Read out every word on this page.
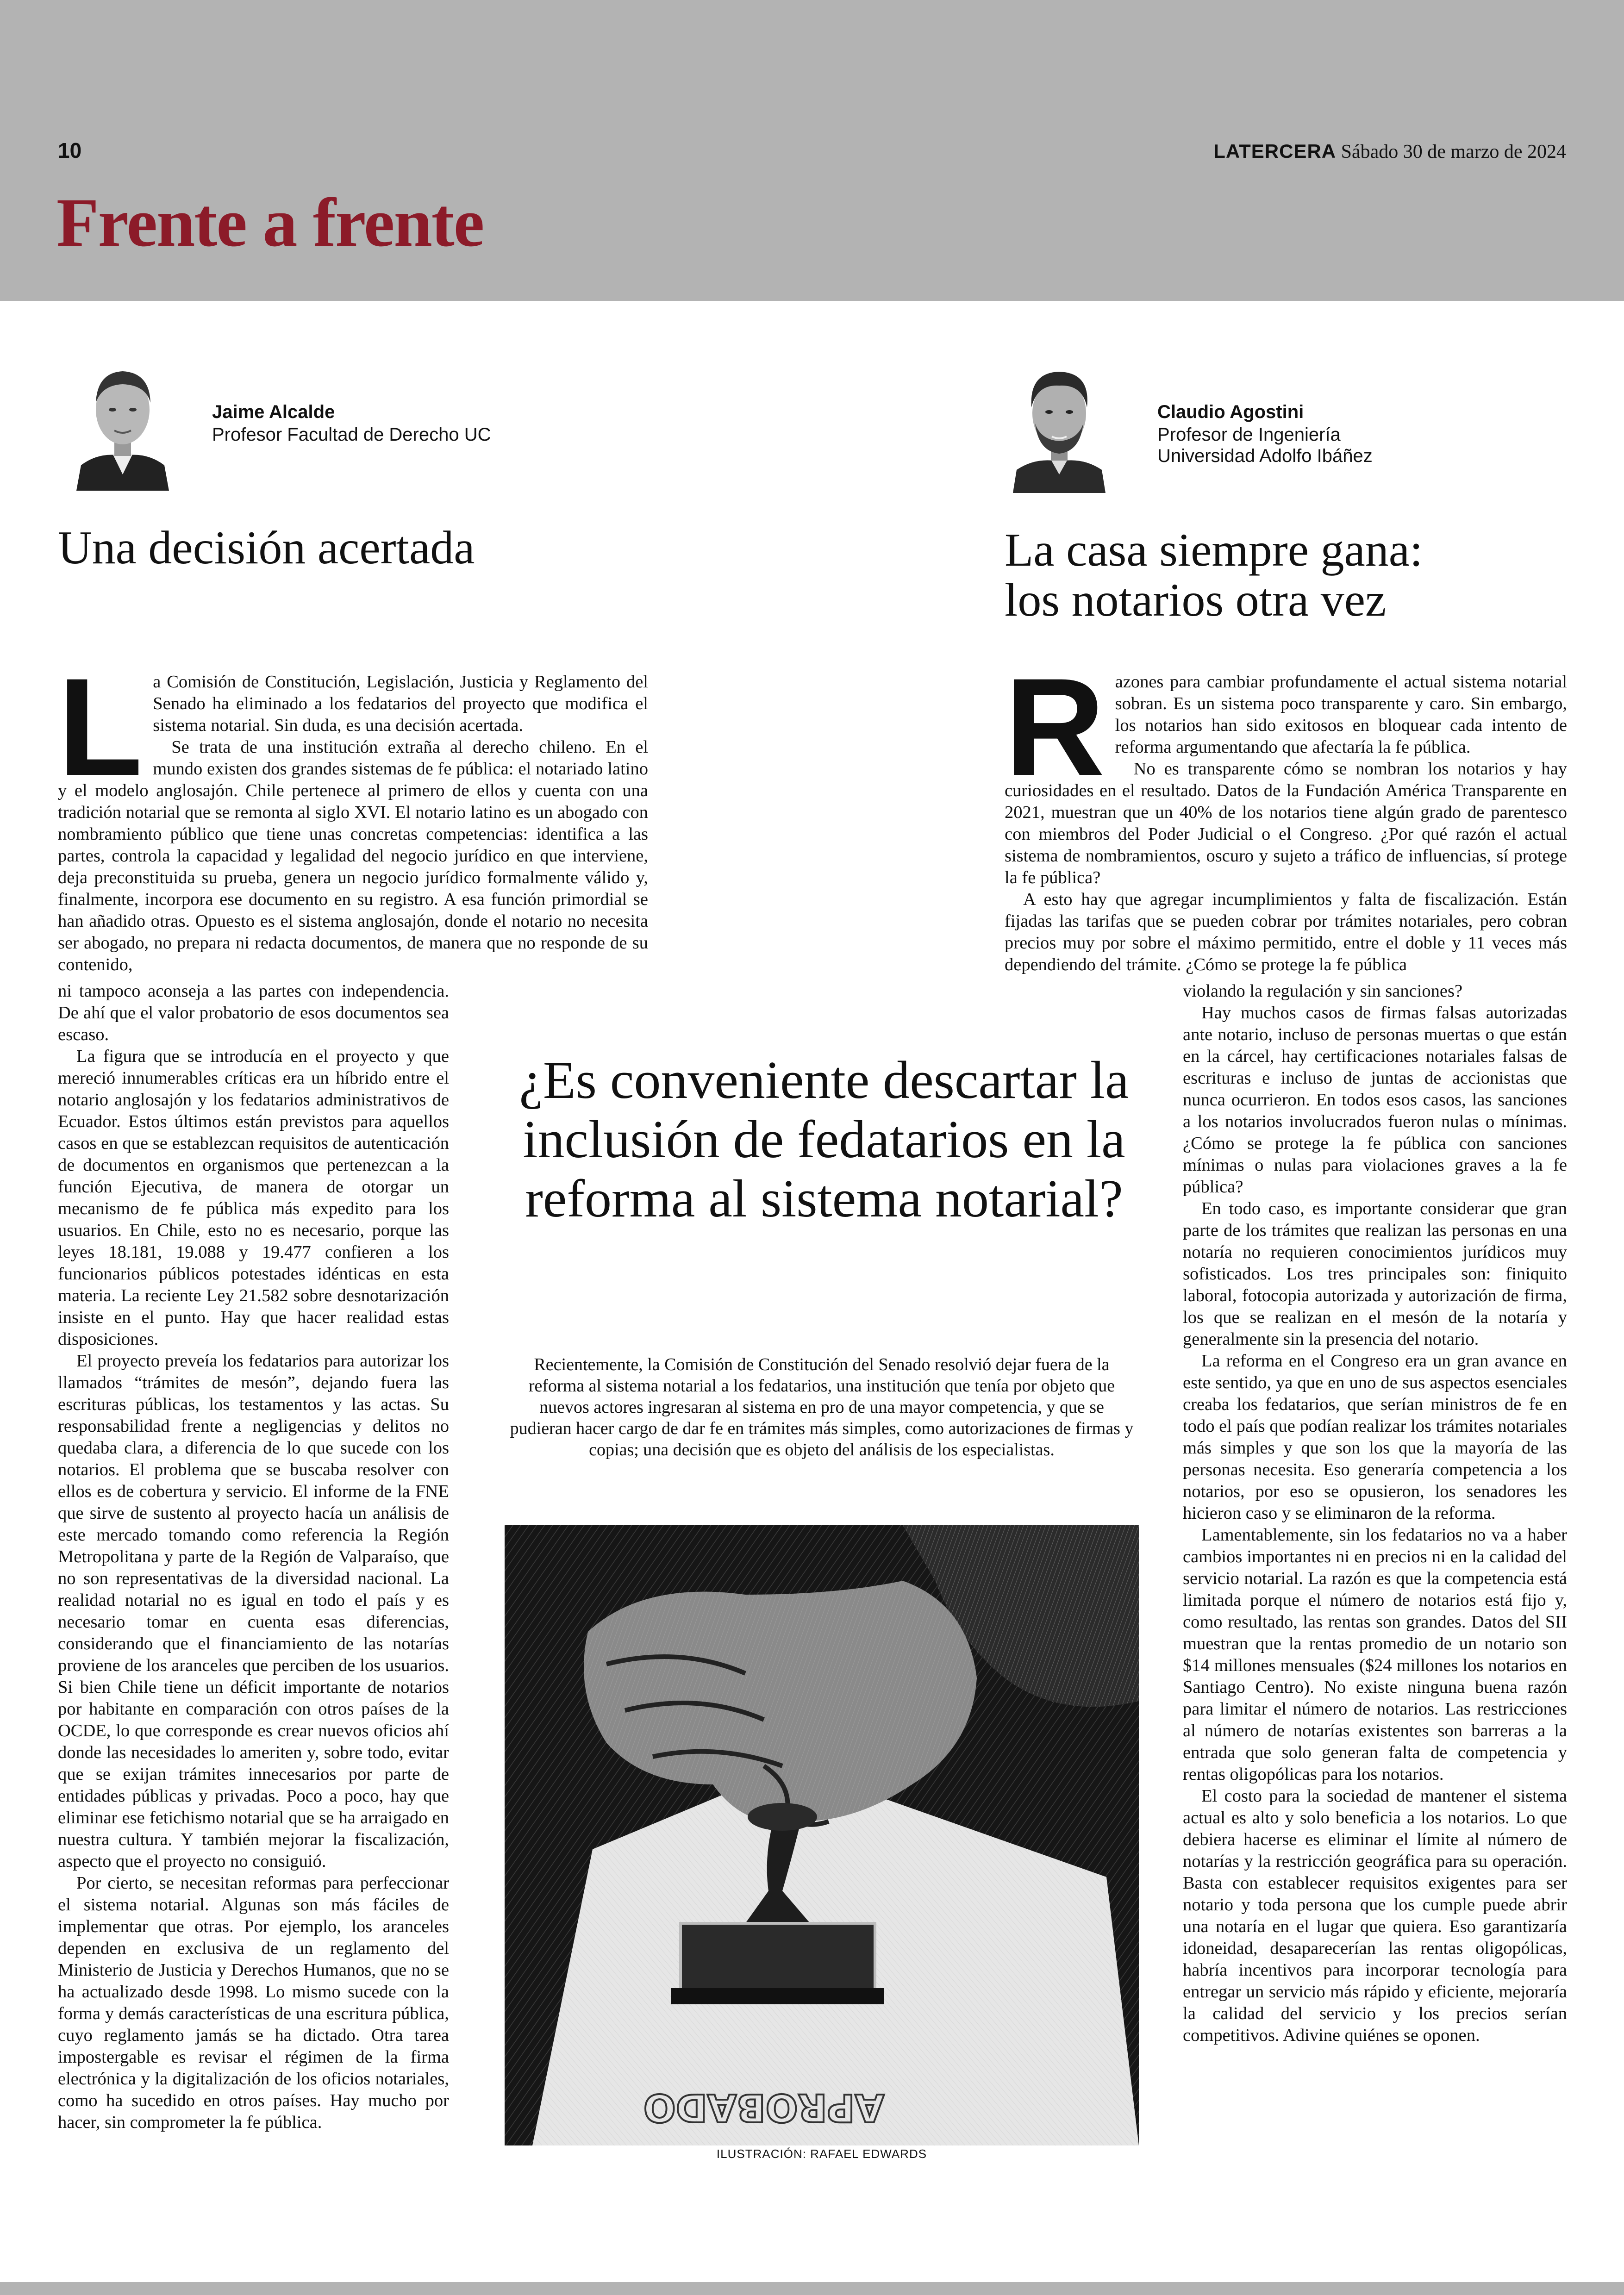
10	LATERCERA Sábado 30 de marzo de 2024
Frente a frente
Jaime Alcalde
Profesor Facultad de Derecho UC
Una decisión acertada
L a Comisión de Constitución, Legislación, Justicia y Reglamento del Senado ha eliminado a los fedatarios del proyecto que modifica el sistema notarial. Sin duda, es una decisión acertada.

Se trata de una institución extraña al derecho chileno. En el mundo existen dos grandes sistemas de fe pública: el notariado latino y el modelo anglosajón. Chile pertenece al primero de ellos y cuenta con una tradición notarial que se remonta al siglo XVI. El notario latino es un abogado con nombramiento público que tiene unas concretas competencias: identifica a las partes, controla la capacidad y legalidad del negocio jurídico en que interviene, deja preconstituida su prueba, genera un negocio jurídico formalmente válido y, finalmente, incorpora ese documento en su registro. A esa función primordial se han añadido otras. Opuesto es el sistema anglosajón, donde el notario no necesita ser abogado, no prepara ni redacta documentos, de manera que no responde de su contenido,

ni tampoco aconseja a las partes con independencia. De ahí que el valor probatorio de esos documentos sea escaso.

La figura que se introducía en el proyecto y que mereció innumerables críticas era un híbrido entre el notario anglosajón y los fedatarios administrativos de Ecuador. Estos últimos están previstos para aquellos casos en que se establezcan requisitos de autenticación de documentos en organismos que pertenezcan a la función Ejecutiva, de manera de otorgar un mecanismo de fe pública más expedito para los usuarios. En Chile, esto no es necesario, porque las leyes 18.181, 19.088 y 19.477 confieren a los funcionarios públicos potestades idénticas en esta materia. La reciente Ley 21.582 sobre desnotarización insiste en el punto. Hay que hacer realidad estas disposiciones.

El proyecto preveía los fedatarios para autorizar los llamados “trámites de mesón”, dejando fuera las escrituras públicas, los testamentos y las actas. Su responsabilidad frente a negligencias y delitos no quedaba clara, a diferencia de lo que sucede con los notarios. El problema que se buscaba resolver con ellos es de cobertura y servicio. El informe de la FNE que sirve de sustento al proyecto hacía un análisis de este mercado tomando como referencia la Región Metropolitana y parte de la Región de Valparaíso, que no son representativas de la diversidad nacional. La realidad notarial no es igual en todo el país y es necesario tomar en cuenta esas diferencias, considerando que el financiamiento de las notarías proviene de los aranceles que perciben de los usuarios. Si bien Chile tiene un déficit importante de notarios por habitante en comparación con otros países de la OCDE, lo que corresponde es crear nuevos oficios ahí donde las necesidades lo ameriten y, sobre todo, evitar que se exijan trámites innecesarios por parte de entidades públicas y privadas. Poco a poco, hay que eliminar ese fetichismo notarial que se ha arraigado en nuestra cultura. Y también mejorar la fiscalización, aspecto que el proyecto no consiguió.

Por cierto, se necesitan reformas para perfeccionar el sistema notarial. Algunas son más fáciles de implementar que otras. Por ejemplo, los aranceles dependen en exclusiva de un reglamento del Ministerio de Justicia y Derechos Humanos, que no se ha actualizado desde 1998. Lo mismo sucede con la forma y demás características de una escritura pública, cuyo reglamento jamás se ha dictado. Otra tarea impostergable es revisar el régimen de la firma electrónica y la digitalización de los oficios notariales, como ha sucedido en otros países. Hay mucho por hacer, sin comprometer la fe pública.

Claudio Agostini
Profesor de Ingeniería
Universidad Adolfo Ibáñez
La casa siempre gana:
los notarios otra vez
R azones para cambiar profundamente el actual sistema notarial sobran. Es un sistema poco transparente y caro. Sin embargo, los notarios han sido exitosos en bloquear cada intento de reforma argumentando que afectaría la fe pública.

No es transparente cómo se nombran los notarios y hay curiosidades en el resultado. Datos de la Fundación América Transparente en 2021, muestran que un 40% de los notarios tiene algún grado de parentesco con miembros del Poder Judicial o el Congreso. ¿Por qué razón el actual sistema de nombramientos, oscuro y sujeto a tráfico de influencias, sí protege la fe pública?

A esto hay que agregar incumplimientos y falta de fiscalización. Están fijadas las tarifas que se pueden cobrar por trámites notariales, pero cobran precios muy por sobre el máximo permitido, entre el doble y 11 veces más dependiendo del trámite. ¿Cómo se protege la fe pública

violando la regulación y sin sanciones?

Hay muchos casos de firmas falsas autorizadas ante notario, incluso de personas muertas o que están en la cárcel, hay certificaciones notariales falsas de escrituras e incluso de juntas de accionistas que nunca ocurrieron. En todos esos casos, las sanciones a los notarios involucrados fueron nulas o mínimas. ¿Cómo se protege la fe pública con sanciones mínimas o nulas para violaciones graves a la fe pública?

En todo caso, es importante considerar que gran parte de los trámites que realizan las personas en una notaría no requieren conocimientos jurídicos muy sofisticados. Los tres principales son: finiquito laboral, fotocopia autorizada y autorización de firma, los que se realizan en el mesón de la notaría y generalmente sin la presencia del notario.

La reforma en el Congreso era un gran avance en este sentido, ya que en uno de sus aspectos esenciales creaba los fedatarios, que serían ministros de fe en todo el país que podían realizar los trámites notariales más simples y que son los que la mayoría de las personas necesita. Eso generaría competencia a los notarios, por eso se opusieron, los senadores les hicieron caso y se eliminaron de la reforma.

Lamentablemente, sin los fedatarios no va a haber cambios importantes ni en precios ni en la calidad del servicio notarial. La razón es que la competencia está limitada porque el número de notarios está fijo y, como resultado, las rentas son grandes. Datos del SII muestran que la rentas promedio de un notario son $14 millones mensuales ($24 millones los notarios en Santiago Centro). No existe ninguna buena razón para limitar el número de notarios. Las restricciones al número de notarías existentes son barreras a la entrada que solo generan falta de competencia y rentas oligopólicas para los notarios.

El costo para la sociedad de mantener el sistema actual es alto y solo beneficia a los notarios. Lo que debiera hacerse es eliminar el límite al número de notarías y la restricción geográfica para su operación. Basta con establecer requisitos exigentes para ser notario y toda persona que los cumple puede abrir una notaría en el lugar que quiera. Eso garantizaría idoneidad, desaparecerían las rentas oligopólicas, habría incentivos para incorporar tecnología para entregar un servicio más rápido y eficiente, mejoraría la calidad del servicio y los precios serían competitivos. Adivine quiénes se oponen.

¿Es conveniente descartar la inclusión de fedatarios en la reforma al sistema notarial?

Recientemente, la Comisión de Constitución del Senado resolvió dejar fuera de la reforma al sistema notarial a los fedatarios, una institución que tenía por objeto que nuevos actores ingresaran al sistema en pro de una mayor competencia, y que se pudieran hacer cargo de dar fe en trámites más simples, como autorizaciones de firmas y copias; una decisión que es objeto del análisis de los especialistas.

APROBADO
ILUSTRACIÓN: RAFAEL EDWARDS
